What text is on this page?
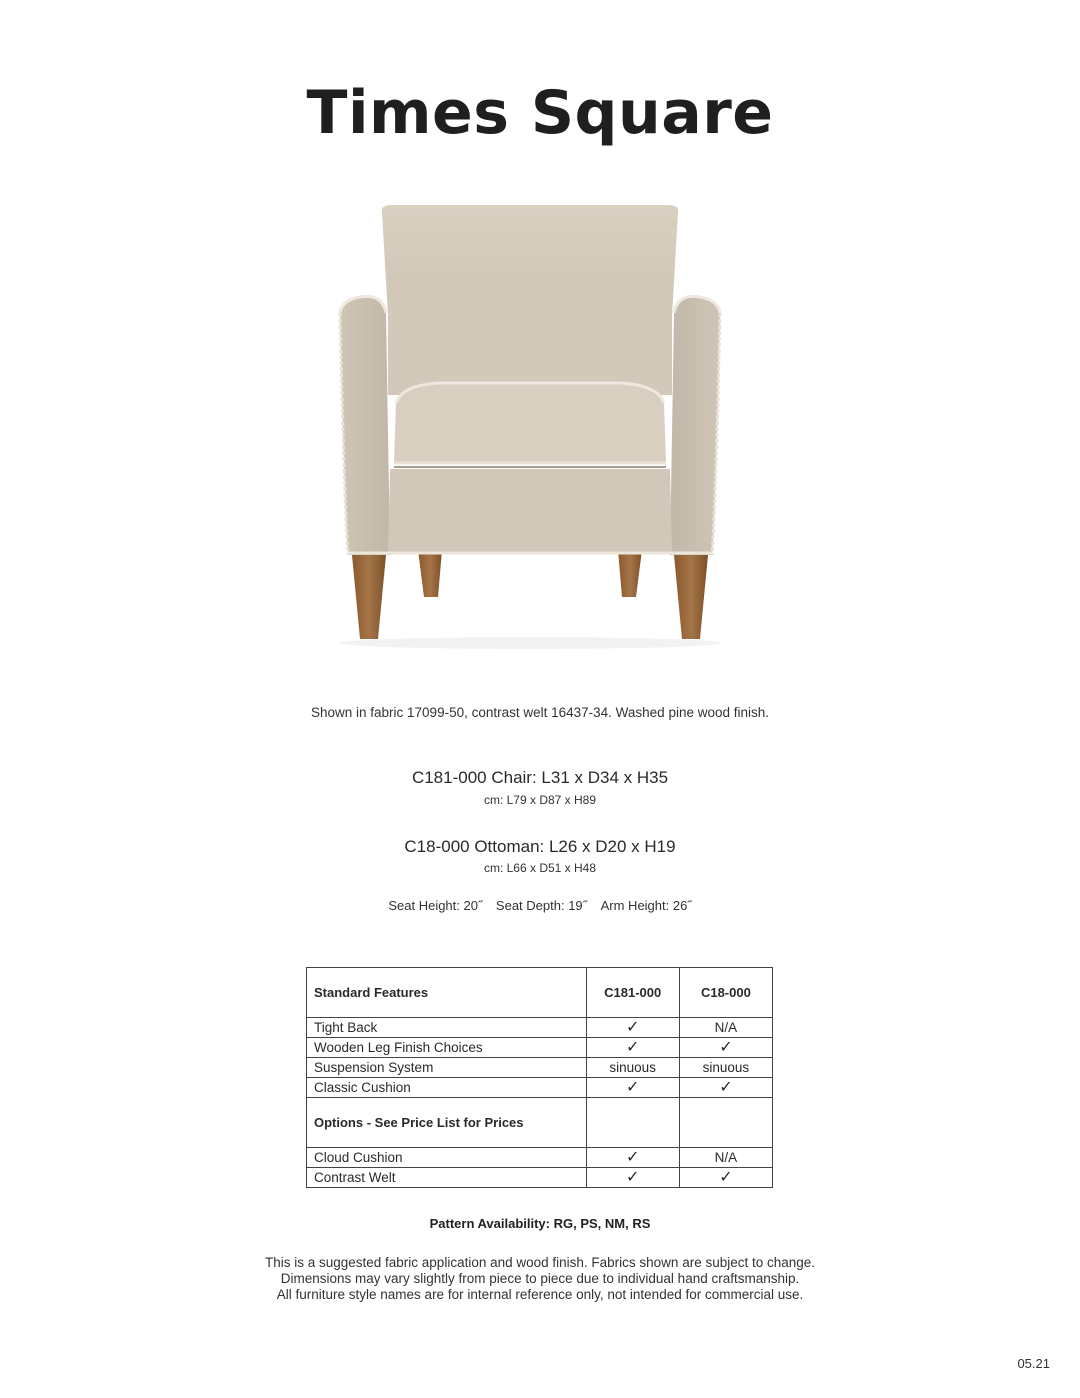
Times Square
Shown in fabric 17099-50, contrast welt 16437-34. Washed pine wood finish.
C181-000 Chair: L31 x D34 x H35
cm: L79 x D87 x H89
C18-000 Ottoman: L26 x D20 x H19
cm: L66 x D51 x H48
Seat Height: 20˝ Seat Depth: 19˝ Arm Height: 26˝
Standard Features	C181-000	C18-000
Tight Back	✓	N/A
Wooden Leg Finish Choices	✓	✓
Suspension System	sinuous	sinuous
Classic Cushion	✓	✓
Options - See Price List for Prices		
Cloud Cushion	✓	N/A
Contrast Welt	✓	✓
Pattern Availability: RG, PS, NM, RS
This is a suggested fabric application and wood finish. Fabrics shown are subject to change.
Dimensions may vary slightly from piece to piece due to individual hand craftsmanship.
All furniture style names are for internal reference only, not intended for commercial use.
05.21
